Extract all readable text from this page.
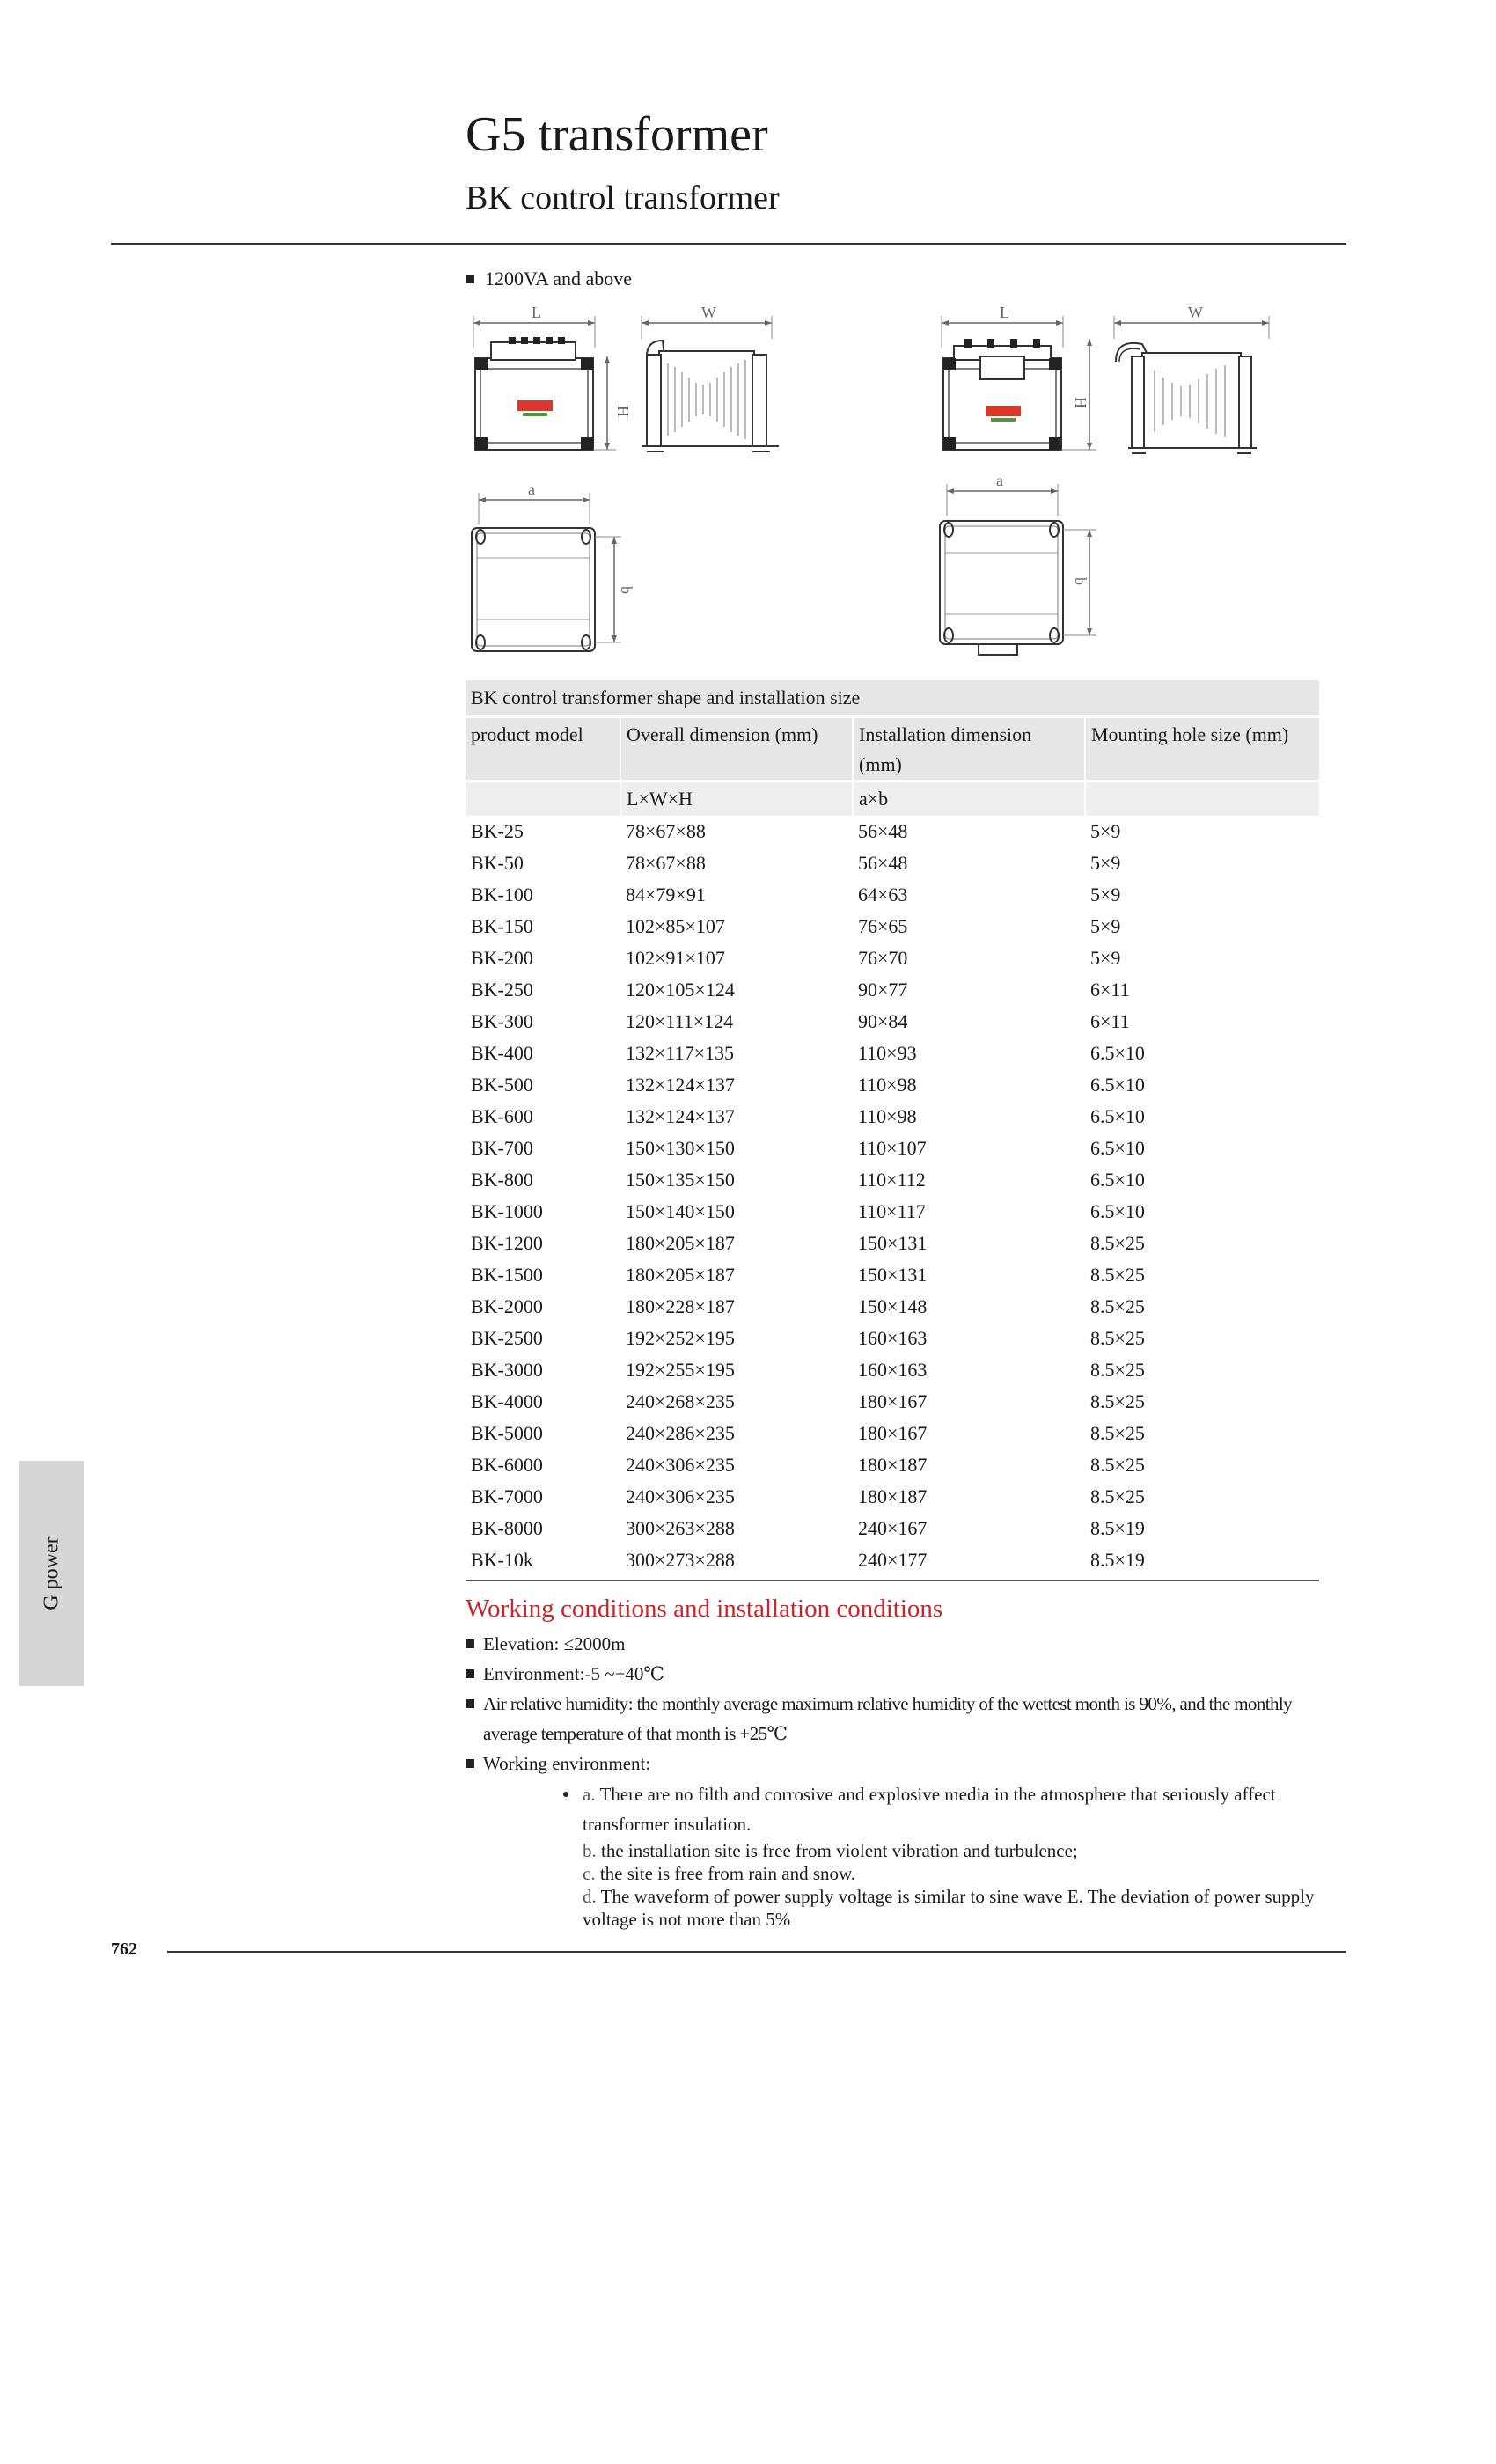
G5 transformer
BK control transformer
1200VA and above
L
H
W
a
b
L
H
W
a
b
BK control transformer shape and installation size			
product model	Overall dimension (mm)	Installation dimension (mm)	Mounting hole size (mm)
	L×W×H	a×b	
BK-25	78×67×88	56×48	5×9
BK-50	78×67×88	56×48	5×9
BK-100	84×79×91	64×63	5×9
BK-150	102×85×107	76×65	5×9
BK-200	102×91×107	76×70	5×9
BK-250	120×105×124	90×77	6×11
BK-300	120×111×124	90×84	6×11
BK-400	132×117×135	110×93	6.5×10
BK-500	132×124×137	110×98	6.5×10
BK-600	132×124×137	110×98	6.5×10
BK-700	150×130×150	110×107	6.5×10
BK-800	150×135×150	110×112	6.5×10
BK-1000	150×140×150	110×117	6.5×10
BK-1200	180×205×187	150×131	8.5×25
BK-1500	180×205×187	150×131	8.5×25
BK-2000	180×228×187	150×148	8.5×25
BK-2500	192×252×195	160×163	8.5×25
BK-3000	192×255×195	160×163	8.5×25
BK-4000	240×268×235	180×167	8.5×25
BK-5000	240×286×235	180×167	8.5×25
BK-6000	240×306×235	180×187	8.5×25
BK-7000	240×306×235	180×187	8.5×25
BK-8000	300×263×288	240×167	8.5×19
BK-10k	300×273×288	240×177	8.5×19
Working conditions and installation conditions
Elevation: ≤2000m
Environment:-5 ~+40℃
Air relative humidity: the monthly average maximum relative humidity of the wettest month is 90%, and the monthly average temperature of that month is +25℃
Working environment:
a. There are no filth and corrosive and explosive media in the atmosphere that seriously affect transformer insulation.
b. the installation site is free from violent vibration and turbulence;
c. the site is free from rain and snow.
d. The waveform of power supply voltage is similar to sine wave E. The deviation of power supply voltage is not more than 5%
G power
762
